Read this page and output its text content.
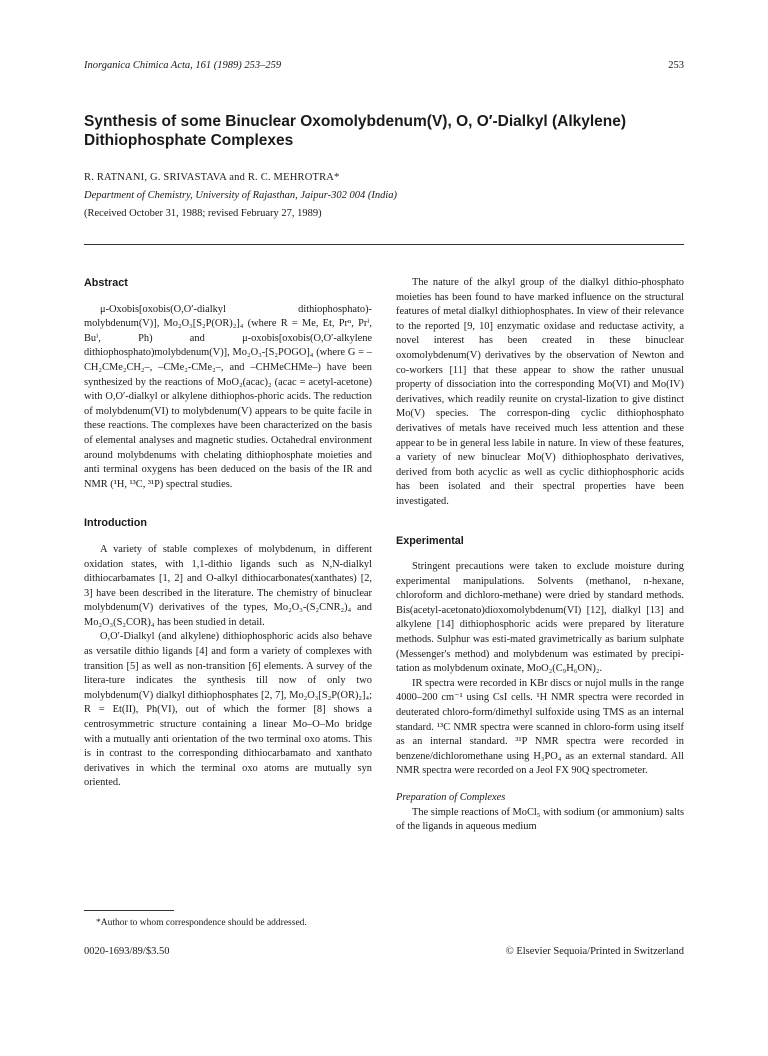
Inorganica Chimica Acta, 161 (1989) 253–259	253
Synthesis of some Binuclear Oxomolybdenum(V), O, O′-Dialkyl (Alkylene) Dithiophosphate Complexes
R. RATNANI, G. SRIVASTAVA and R. C. MEHROTRA*
Department of Chemistry, University of Rajasthan, Jaipur-302 004 (India)
(Received October 31, 1988; revised February 27, 1989)
Abstract

μ-Oxobis[oxobis(O,O′-dialkyl dithiophosphato)-molybdenum(V)], Mo₂O₃[S₂P(OR)₂]₄ (where R = Me, Et, Prⁿ, Prⁱ, Buⁱ, Ph) and μ-oxobis[oxobis(O,O′-alkylene dithiophosphato)molybdenum(V)], Mo₂O₃-[S₂POGO]₄ (where G = –CH₂CMe₂CH₂–, –CMe₂-CMe₂–, and –CHMeCHMe–) have been synthesized by the reactions of MoO₂(acac)₂ (acac = acetyl-acetone) with O,O′-dialkyl or alkylene dithiophos-phoric acids. The reduction of molybdenum(VI) to molybdenum(V) appears to be quite facile in these reactions. The complexes have been characterized on the basis of elemental analyses and magnetic studies. Octahedral environment around molybdenums with chelating dithiophosphate moieties and anti terminal oxygens has been deduced on the basis of the IR and NMR (¹H, ¹³C, ³¹P) spectral studies.

Introduction

A variety of stable complexes of molybdenum, in different oxidation states, with 1,1-dithio ligands such as N,N-dialkyl dithiocarbamates [1, 2] and O-alkyl dithiocarbonates(xanthates) [2, 3] have been described in the literature. The chemistry of binuclear molybdenum(V) derivatives of the types, Mo₂O₃-(S₂CNR₂)₄ and Mo₂O₃(S₂COR)₄ has been studied in detail.

O,O′-Dialkyl (and alkylene) dithiophosphoric acids also behave as versatile dithio ligands [4] and form a variety of complexes with transition [5] as well as non-transition [6] elements. A survey of the litera-ture indicates the synthesis till now of only two molybdenum(V) dialkyl dithiophosphates [2, 7], Mo₂O₃[S₂P(OR)₂]₄; R = Et(II), Ph(VI), out of which the former [8] shows a centrosymmetric structure containing a linear Mo–O–Mo bridge with a mutually anti orientation of the two terminal oxo atoms. This is in contrast to the corresponding dithiocarbamato and xanthato derivatives in which the terminal oxo atoms are mutually syn oriented.

The nature of the alkyl group of the dialkyl dithio-phosphato moieties has been found to have marked influence on the structural features of metal dialkyl dithiophosphates. In view of their relevance to the reported [9, 10] enzymatic oxidase and reductase activity, a novel interest has been created in these binuclear oxomolybdenum(V) derivatives by the observation of Newton and co-workers [11] that these appear to show the rather unusual property of dissociation into the corresponding Mo(VI) and Mo(IV) derivatives, which readily reunite on crystal-lization to give distinct Mo(V) species. The correspon-ding cyclic dithiophosphato derivatives of metals have received much less attention and these appear to be in general less labile in nature. In view of these features, a variety of new binuclear Mo(V) dithiophosphato derivatives, derived from both acyclic as well as cyclic dithiophosphoric acids has been isolated and their spectral properties have been investigated.

Experimental

Stringent precautions were taken to exclude moisture during experimental manipulations. Solvents (methanol, n-hexane, chloroform and dichloro-methane) were dried by standard methods. Bis(acetyl-acetonato)dioxomolybdenum(VI) [12], dialkyl [13] and alkylene [14] dithiophosphoric acids were prepared by literature methods. Sulphur was esti-mated gravimetrically as barium sulphate (Messenger's method) and molybdenum was estimated by precipi-tation as molybdenum oxinate, MoO₂(C₉H₆ON)₂.

IR spectra were recorded in KBr discs or nujol mulls in the range 4000–200 cm⁻¹ using CsI cells. ¹H NMR spectra were recorded in deuterated chloro-form/dimethyl sulfoxide using TMS as an internal standard. ¹³C NMR spectra were scanned in chloro-form using itself as an internal standard. ³¹P NMR spectra were recorded in benzene/dichloromethane using H₃PO₄ as an external standard. All NMR spectra were recorded on a Jeol FX 90Q spectrometer.

Preparation of Complexes

The simple reactions of MoCl₅ with sodium (or ammonium) salts of the ligands in aqueous medium

*Author to whom correspondence should be addressed.
0020-1693/89/$3.50	© Elsevier Sequoia/Printed in Switzerland
